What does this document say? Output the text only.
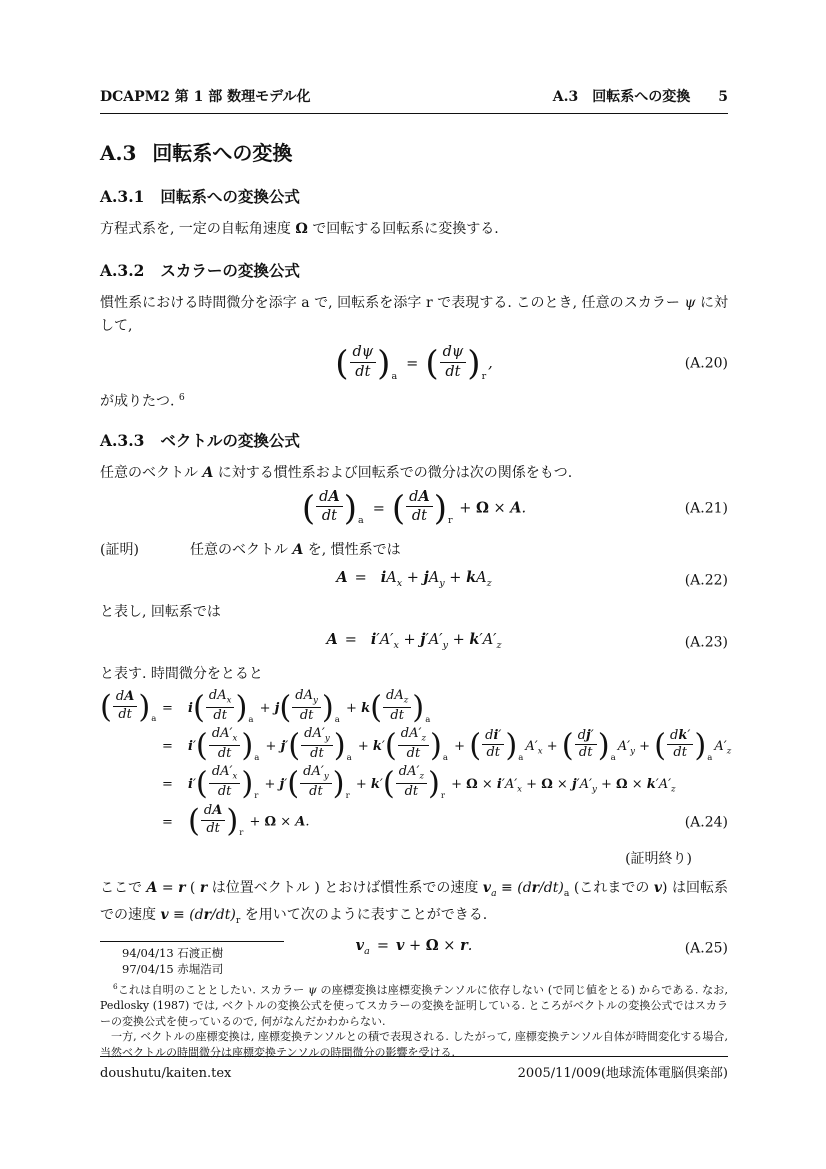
DCAPM2 第 1 部 数理モデル化	A.3　回転系への変換 5
A.3 回転系への変換
A.3.1 回転系への変換公式
方程式系を, 一定の自転角速度 Ω で回転する回転系に変換する.
A.3.2 スカラーの変換公式
慣性系における時間微分を添字 a で, 回転系を添字 r で表現する. このとき, 任意のスカラー ψ に対して,
( $\frac{d\psi}{dt} )_a=$ ( $\frac{d\psi}{dt} )_r$,	(A.20)
が成りたつ. $^6$
A.3.3 ベクトルの変換公式
任意のベクトル A に対する慣性系および回転系での微分は次の関係をもつ.
( $\frac{dA}{dt} )_a=$ ( $\frac{dA}{dt} )_r + \Omega \times A$.	(A.21)
(証明)	任意のベクトル A を, 慣性系では
$A = iA_x + jA_y + kA_z$	(A.22)
と表し, 回転系では
$A = i'A'_x + j'A'_y + k'A'_z$	(A.23)
と表す. 時間微分をとると
( $\frac{dA}{dt} )_a$
=	i( $dA_x$
dt )$_a + j$( $dA_y$
dt )$_a + k$( $dA_z$
dt )$_a$
=	$i'( \frac{dA'_x}{dt} )_a + j'( \frac{dA'_y}{dt} )_a + k'( \frac{dA'_z}{dt} )_a$ + ( $\frac{di'}{dt} )_aA'_x$ + ( $\frac{dj'}{dt} )_aA'_y$ + ( $\frac{dk'}{dt} )_aA'_z$
=	$i'( \frac{dA'_x}{dt} )_r + j'( \frac{dA'_y}{dt} )_r + k'( \frac{dA'_z}{dt} )_r + \Omega \times i'A'_x + \Omega \times j'A'_y + \Omega \times k'A'_z$
= ( $\frac{dA}{dt} )_r + \Omega \times A$.	(A.24)
(証明終り)
ここで A = r ( r は位置ベクトル ) とおけば慣性系での速度 $v_a \equiv (dr/dt)_a$ (これまでの v) は回転系での速度 $v \equiv (dr/dt)_r$ を用いて次のように表すことができる.
$v_a = v + \Omega \times r$.	(A.25)
94/04/13 石渡正樹
97/04/15 赤堀浩司
$^6$これは自明のこととしたい. スカラー ψ の座標変換は座標変換テンソルに依存しない (で同じ値をとる) からである. なお, Pedlosky (1987) では, ベクトルの変換公式を使ってスカラーの変換を証明している. ところがベクトルの変換公式ではスカラーの変換公式を使っているので, 何がなんだかわからない.
　一方, ベクトルの座標変換は, 座標変換テンソルとの積で表現される. したがって, 座標変換テンソル自体が時間変化する場合, 当然ベクトルの時間微分は座標変換テンソルの時間微分の影響を受ける.
doushutu/kaiten.tex	2005/11/009(地球流体電脳倶楽部)
